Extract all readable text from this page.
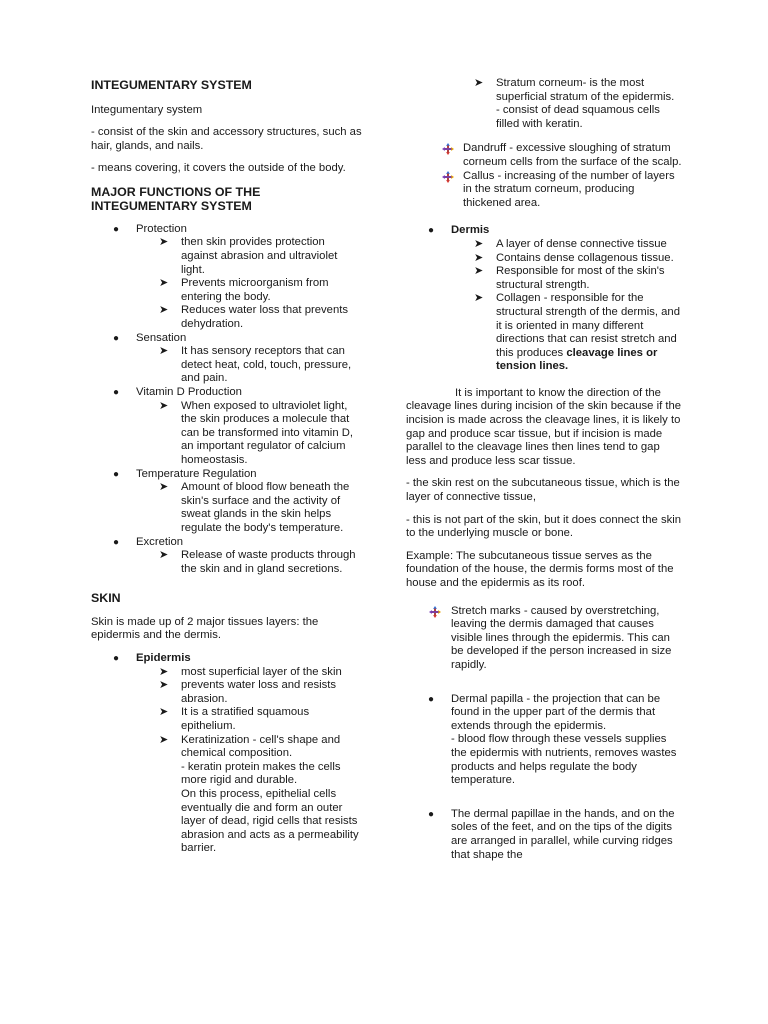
INTEGUMENTARY SYSTEM

Integumentary system

- consist of the skin and accessory structures, such as hair, glands, and nails.

- means covering, it covers the outside of the body.

MAJOR FUNCTIONS OF THE INTEGUMENTARY SYSTEM

● Protection
➤ then skin provides protection against abrasion and ultraviolet light.
➤ Prevents microorganism from entering the body.
➤ Reduces water loss that prevents dehydration.
● Sensation
➤ It has sensory receptors that can detect heat, cold, touch, pressure, and pain.
● Vitamin D Production
➤ When exposed to ultraviolet light, the skin produces a molecule that can be transformed into vitamin D, an important regulator of calcium homeostasis.
● Temperature Regulation
➤ Amount of blood flow beneath the skin's surface and the activity of sweat glands in the skin helps regulate the body's temperature.
● Excretion
➤ Release of waste products through the skin and in gland secretions.

SKIN

Skin is made up of 2 major tissues layers: the epidermis and the dermis.

● Epidermis
➤ most superficial layer of the skin
➤ prevents water loss and resists abrasion.
➤ It is a stratified squamous epithelium.
➤ Keratinization - cell's shape and chemical composition.
- keratin protein makes the cells more rigid and durable.
On this process, epithelial cells eventually die and form an outer layer of dead, rigid cells that resists abrasion and acts as a permeability barrier.
➤ Stratum corneum- is the most superficial stratum of the epidermis.
- consist of dead squamous cells filled with keratin.
Dandruff - excessive sloughing of stratum corneum cells from the surface of the scalp.
Callus - increasing of the number of layers in the stratum corneum, producing thickened area.
● Dermis
➤ A layer of dense connective tissue
➤ Contains dense collagenous tissue.
➤ Responsible for most of the skin's structural strength.
➤ Collagen - responsible for the structural strength of the dermis, and it is oriented in many different directions that can resist stretch and this produces cleavage lines or tension lines.

It is important to know the direction of the cleavage lines during incision of the skin because if the incision is made across the cleavage lines, it is likely to gap and produce scar tissue, but if incision is made parallel to the cleavage lines then lines tend to gap less and produce less scar tissue.

- the skin rest on the subcutaneous tissue, which is the layer of connective tissue,

- this is not part of the skin, but it does connect the skin to the underlying muscle or bone.

Example: The subcutaneous tissue serves as the foundation of the house, the dermis forms most of the house and the epidermis as its roof.

Stretch marks - caused by overstretching, leaving the dermis damaged that causes visible lines through the epidermis. This can be developed if the person increased in size rapidly.
● Dermal papilla - the projection that can be found in the upper part of the dermis that extends through the epidermis.
- blood flow through these vessels supplies the epidermis with nutrients, removes wastes products and helps regulate the body temperature.
● The dermal papillae in the hands, and on the soles of the feet, and on the tips of the digits are arranged in parallel, while curving ridges that shape the
